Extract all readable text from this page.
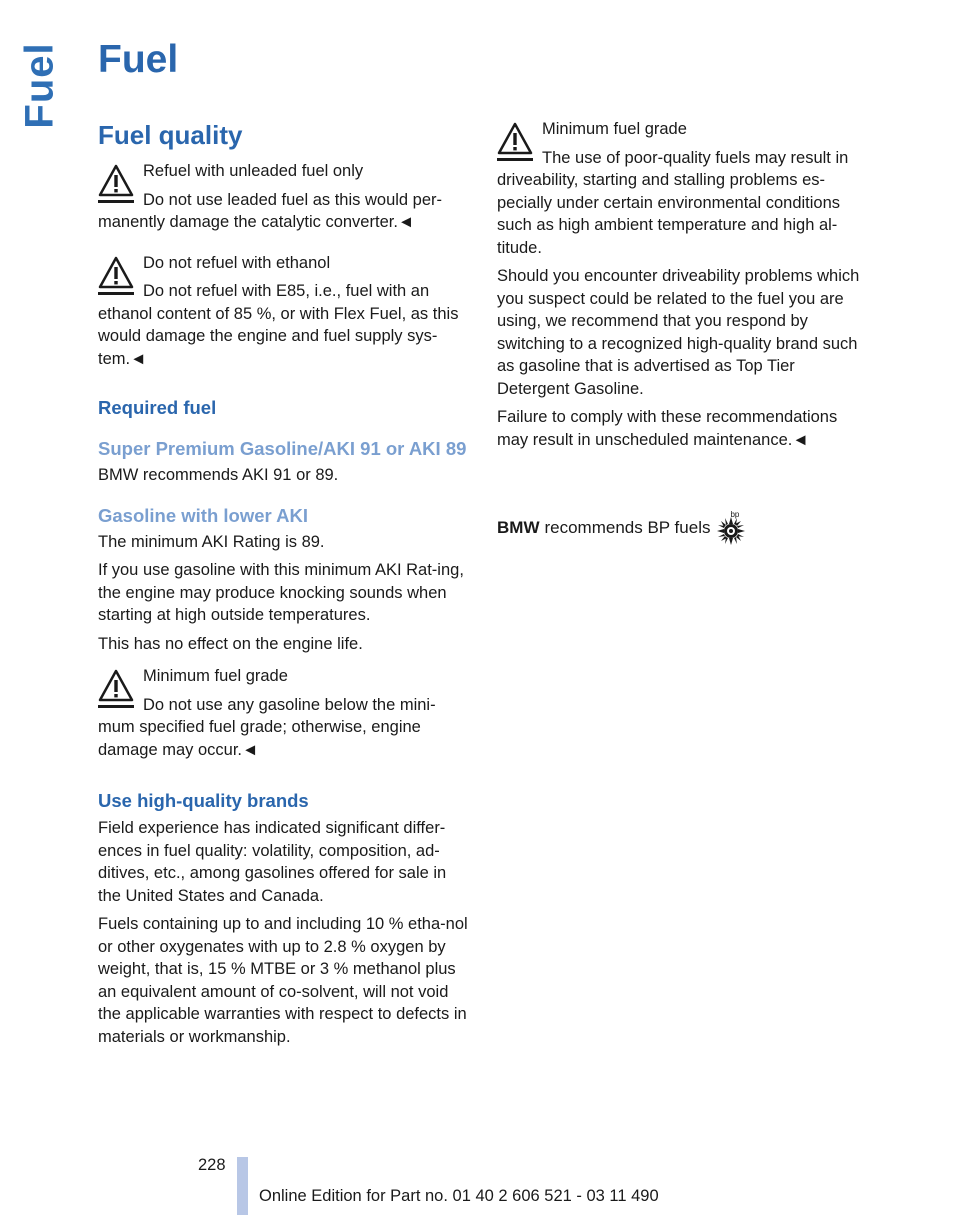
Fuel Fuel
Fuel quality

Refuel with unleaded fuel only

Do not use leaded fuel as this would per-manently damage the catalytic converter.◄

Do not refuel with ethanol

Do not refuel with E85, i.e., fuel with an ethanol content of 85 %, or with Flex Fuel, as this would damage the engine and fuel supply sys-tem.◄

Required fuel
Super Premium Gasoline/AKI 91 or AKI 89

BMW recommends AKI 91 or 89.

Gasoline with lower AKI

The minimum AKI Rating is 89.

If you use gasoline with this minimum AKI Rat-ing, the engine may produce knocking sounds when starting at high outside temperatures.

This has no effect on the engine life.

Minimum fuel grade

Do not use any gasoline below the mini-mum specified fuel grade; otherwise, engine damage may occur.◄

Use high-quality brands

Field experience has indicated significant differ-ences in fuel quality: volatility, composition, ad-ditives, etc., among gasolines offered for sale in the United States and Canada.

Fuels containing up to and including 10 % etha-nol or other oxygenates with up to 2.8 % oxygen by weight, that is, 15 % MTBE or 3 % methanol plus an equivalent amount of co-solvent, will not void the applicable warranties with respect to defects in materials or workmanship.

Minimum fuel grade

The use of poor-quality fuels may result in driveability, starting and stalling problems es-pecially under certain environmental conditions such as high ambient temperature and high al-titude.

Should you encounter driveability problems which you suspect could be related to the fuel you are using, we recommend that you respond by switching to a recognized high-quality brand such as gasoline that is advertised as Top Tier Detergent Gasoline.

Failure to comply with these recommendations may result in unscheduled maintenance.◄

BMW recommends BP fuels
bp
228
Online Edition for Part no. 01 40 2 606 521 - 03 11 490
